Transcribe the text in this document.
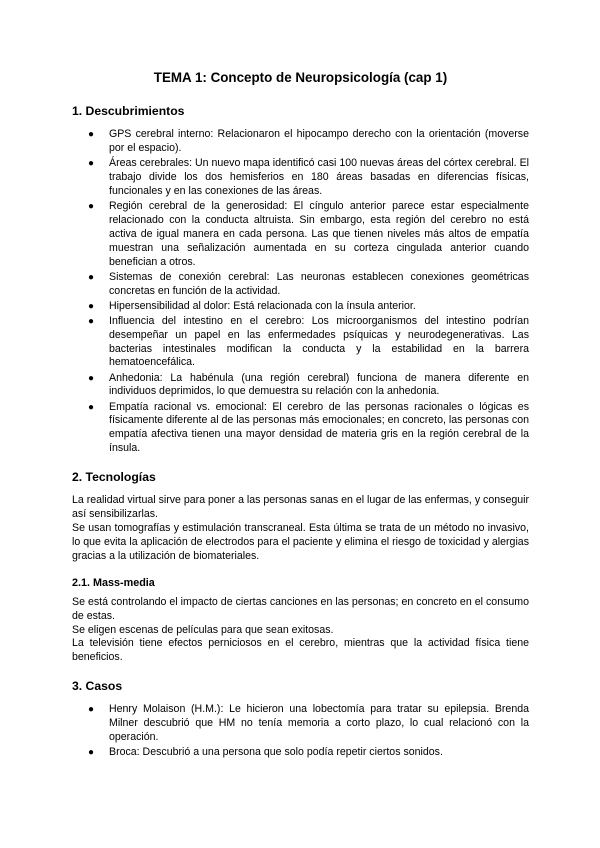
TEMA 1: Concepto de Neuropsicología (cap 1)
1. Descubrimientos
● GPS cerebral interno: Relacionaron el hipocampo derecho con la orientación (moverse por el espacio).
● Áreas cerebrales: Un nuevo mapa identificó casi 100 nuevas áreas del córtex cerebral. El trabajo divide los dos hemisferios en 180 áreas basadas en diferencias físicas, funcionales y en las conexiones de las áreas.
● Región cerebral de la generosidad: El cíngulo anterior parece estar especialmente relacionado con la conducta altruista. Sin embargo, esta región del cerebro no está activa de igual manera en cada persona. Las que tienen niveles más altos de empatía muestran una señalización aumentada en su corteza cingulada anterior cuando benefician a otros.
● Sistemas de conexión cerebral: Las neuronas establecen conexiones geométricas concretas en función de la actividad.
● Hipersensibilidad al dolor: Está relacionada con la ínsula anterior.
● Influencia del intestino en el cerebro: Los microorganismos del intestino podrían desempeñar un papel en las enfermedades psíquicas y neurodegenerativas. Las bacterias intestinales modifican la conducta y la estabilidad en la barrera hematoencefálica.
● Anhedonia: La habénula (una región cerebral) funciona de manera diferente en individuos deprimidos, lo que demuestra su relación con la anhedonia.
● Empatía racional vs. emocional: El cerebro de las personas racionales o lógicas es físicamente diferente al de las personas más emocionales; en concreto, las personas con empatía afectiva tienen una mayor densidad de materia gris en la región cerebral de la ínsula.
2. Tecnologías

La realidad virtual sirve para poner a las personas sanas en el lugar de las enfermas, y conseguir así sensibilizarlas.

Se usan tomografías y estimulación transcraneal. Esta última se trata de un método no invasivo, lo que evita la aplicación de electrodos para el paciente y elimina el riesgo de toxicidad y alergias gracias a la utilización de biomateriales.

2.1. Mass-media

Se está controlando el impacto de ciertas canciones en las personas; en concreto en el consumo de estas.

Se eligen escenas de películas para que sean exitosas.

La televisión tiene efectos perniciosos en el cerebro, mientras que la actividad física tiene beneficios.

3. Casos
● Henry Molaison (H.M.): Le hicieron una lobectomía para tratar su epilepsia. Brenda Milner descubrió que HM no tenía memoria a corto plazo, lo cual relacionó con la operación.
● Broca: Descubrió a una persona que solo podía repetir ciertos sonidos.
